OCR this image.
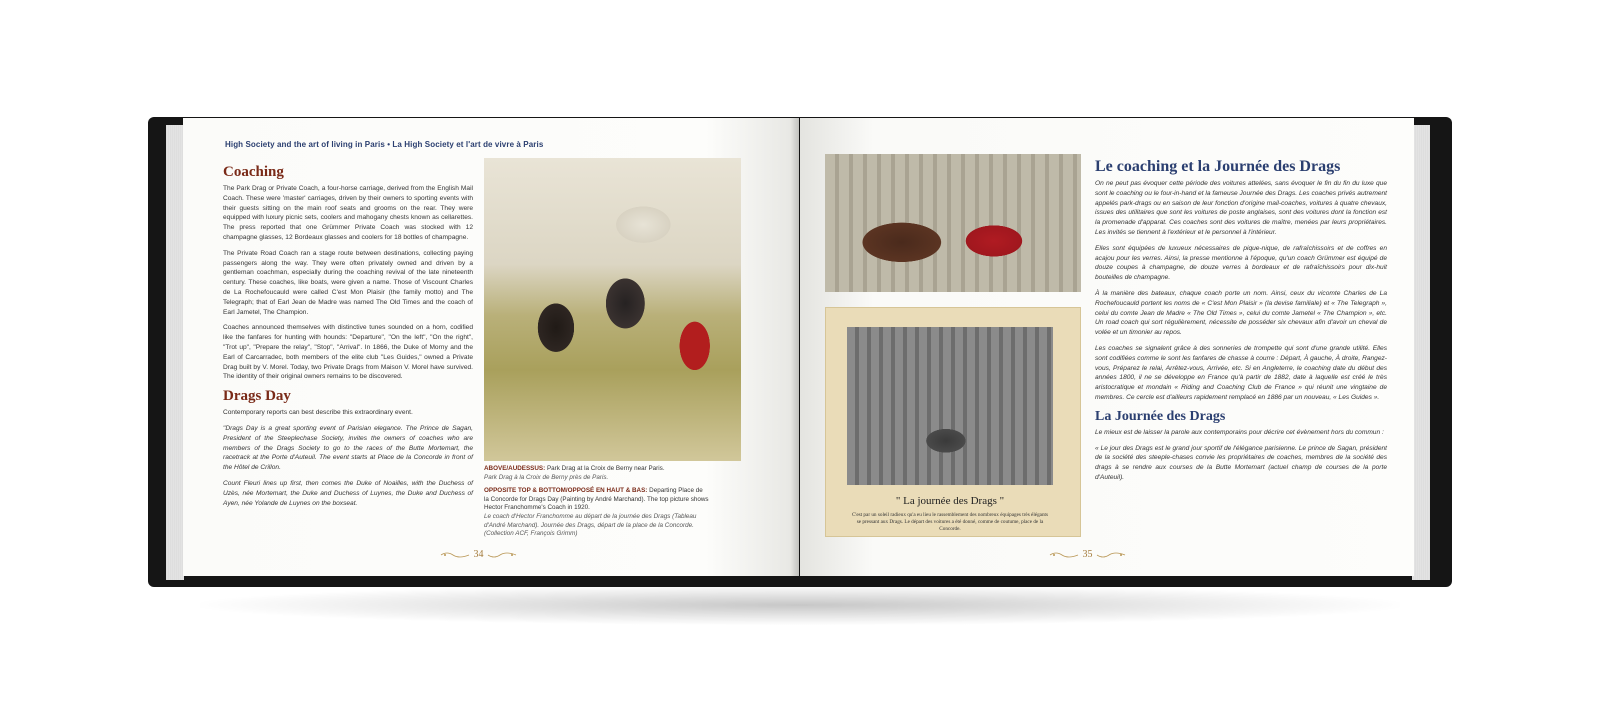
High Society and the art of living in Paris • La High Society et l'art de vivre à Paris
Coaching

The Park Drag or Private Coach, a four-horse carriage, derived from the English Mail Coach. These were 'master' carriages, driven by their owners to sporting events with their guests sitting on the main roof seats and grooms on the rear. They were equipped with luxury picnic sets, coolers and mahogany chests known as cellarettes. The press reported that one Grümmer Private Coach was stocked with 12 champagne glasses, 12 Bordeaux glasses and coolers for 18 bottles of champagne.

The Private Road Coach ran a stage route between destinations, collecting paying passengers along the way. They were often privately owned and driven by a gentleman coachman, especially during the coaching revival of the late nineteenth century. These coaches, like boats, were given a name. Those of Viscount Charles de La Rochefoucauld were called C'est Mon Plaisir (the family motto) and The Telegraph; that of Earl Jean de Madre was named The Old Times and the coach of Earl Jametel, The Champion.

Coaches announced themselves with distinctive tunes sounded on a horn, codified like the fanfares for hunting with hounds: "Departure", "On the left", "On the right", "Trot up", "Prepare the relay", "Stop", "Arrival". In 1866, the Duke of Morny and the Earl of Carcarradec, both members of the elite club "Les Guides," owned a Private Drag built by V. Morel. Today, two Private Drags from Maison V. Morel have survived. The identity of their original owners remains to be discovered.

Drags Day

Contemporary reports can best describe this extraordinary event.

"Drags Day is a great sporting event of Parisian elegance. The Prince de Sagan, President of the Steeplechase Society, invites the owners of coaches who are members of the Drags Society to go to the races of the Butte Mortemart, the racetrack at the Porte d'Auteuil. The event starts at Place de la Concorde in front of the Hôtel de Crillon.

Count Fleuri lines up first, then comes the Duke of Noailles, with the Duchess of Uzès, née Mortemart, the Duke and Duchess of Luynes, the Duke and Duchess of Ayen, née Yolande de Luynes on the boxseat.

ABOVE/AUDESSUS: Park Drag at la Croix de Berny near Paris.
Park Drag à la Croix de Berny près de Paris.

OPPOSITE TOP & BOTTOM/OPPOSÉ EN HAUT & BAS: Departing Place de la Concorde for Drags Day (Painting by André Marchand). The top picture shows Hector Franchomme's Coach in 1920.
Le coach d'Hector Franchomme au départ de la journée des Drags (Tableau d'André Marchand). Journée des Drags, départ de la place de la Concorde. (Collection ACF, François Grimm)

34
" La journée des Drags "
C'est par un soleil radieux qu'a eu lieu le rassemblement des nombreux équipages très élégants se pressant aux Drags. Le départ des voitures a été donné, comme de coutume, place de la Concorde.
Le coaching et la Journée des Drags

On ne peut pas évoquer cette période des voitures attelées, sans évoquer le fin du fin du luxe que sont le coaching ou le four-in-hand et la fameuse Journée des Drags. Les coaches privés autrement appelés park-drags ou en saison de leur fonction d'origine mail-coaches, voitures à quatre chevaux, issues des utilitaires que sont les voitures de poste anglaises, sont des voitures dont la fonction est la promenade d'apparat. Ces coaches sont des voitures de maître, menées par leurs propriétaires. Les invités se tiennent à l'extérieur et le personnel à l'intérieur.

Elles sont équipées de luxueux nécessaires de pique-nique, de rafraîchissoirs et de coffres en acajou pour les verres. Ainsi, la presse mentionne à l'époque, qu'un coach Grümmer est équipé de douze coupes à champagne, de douze verres à bordeaux et de rafraîchissoirs pour dix-huit bouteilles de champagne.

À la manière des bateaux, chaque coach porte un nom. Ainsi, ceux du vicomte Charles de La Rochefoucauld portent les noms de « C'est Mon Plaisir » (la devise familiale) et « The Telegraph », celui du comte Jean de Madre « The Old Times », celui du comte Jametel « The Champion », etc. Un road coach qui sort régulièrement, nécessite de posséder six chevaux afin d'avoir un cheval de volée et un timonier au repos.

Les coaches se signalent grâce à des sonneries de trompette qui sont d'une grande utilité. Elles sont codifiées comme le sont les fanfares de chasse à courre : Départ, À gauche, À droite, Rangez-vous, Préparez le relai, Arrêtez-vous, Arrivée, etc. Si en Angleterre, le coaching date du début des années 1800, il ne se développe en France qu'à partir de 1882, date à laquelle est créé le très aristocratique et mondain « Riding and Coaching Club de France » qui réunit une vingtaine de membres. Ce cercle est d'ailleurs rapidement remplacé en 1886 par un nouveau, « Les Guides ».

La Journée des Drags

Le mieux est de laisser la parole aux contemporains pour décrire cet évènement hors du commun :

« Le jour des Drags est le grand jour sportif de l'élégance parisienne. Le prince de Sagan, président de la société des steeple-chases convie les propriétaires de coaches, membres de la société des drags à se rendre aux courses de la Butte Mortemart (actuel champ de courses de la porte d'Auteuil).

35
